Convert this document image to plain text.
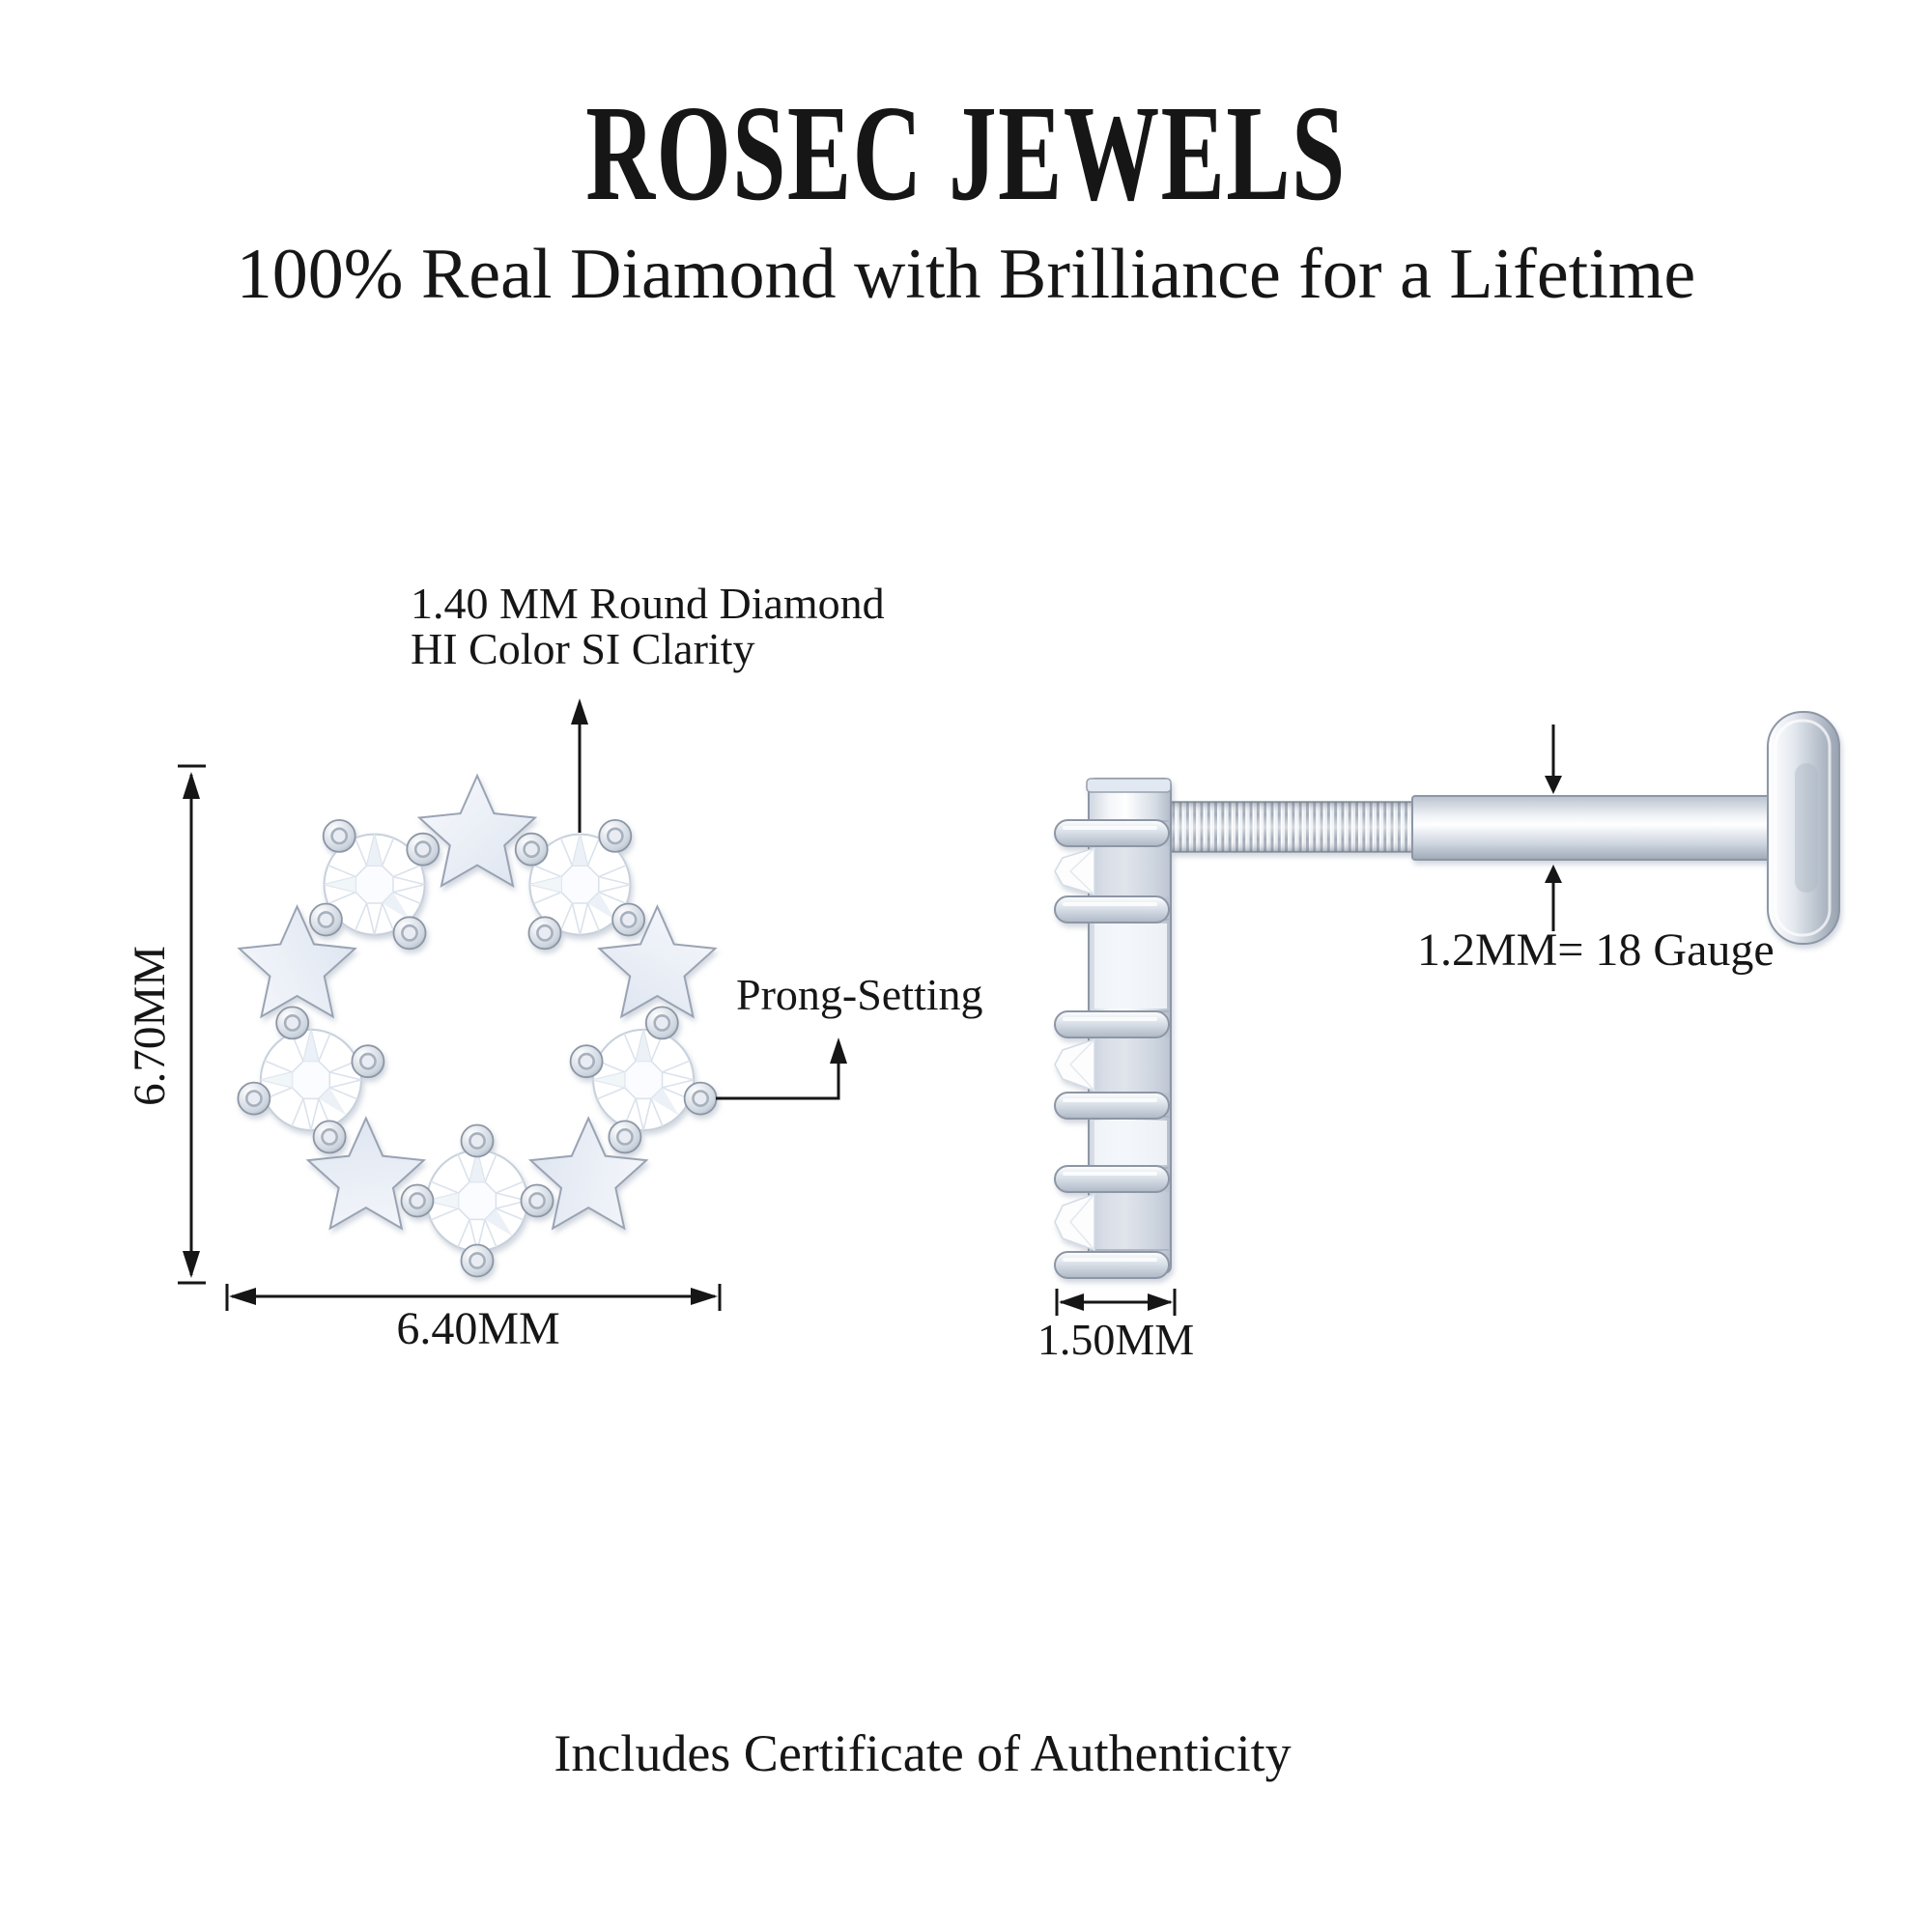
ROSEC JEWELS
100% Real Diamond with Brilliance for a Lifetime
1.40 MM Round Diamond
HI Color SI Clarity
Prong-Setting
1.2MM= 18 Gauge
6.70MM
6.40MM	1.50MM
Includes Certificate of Authenticity
